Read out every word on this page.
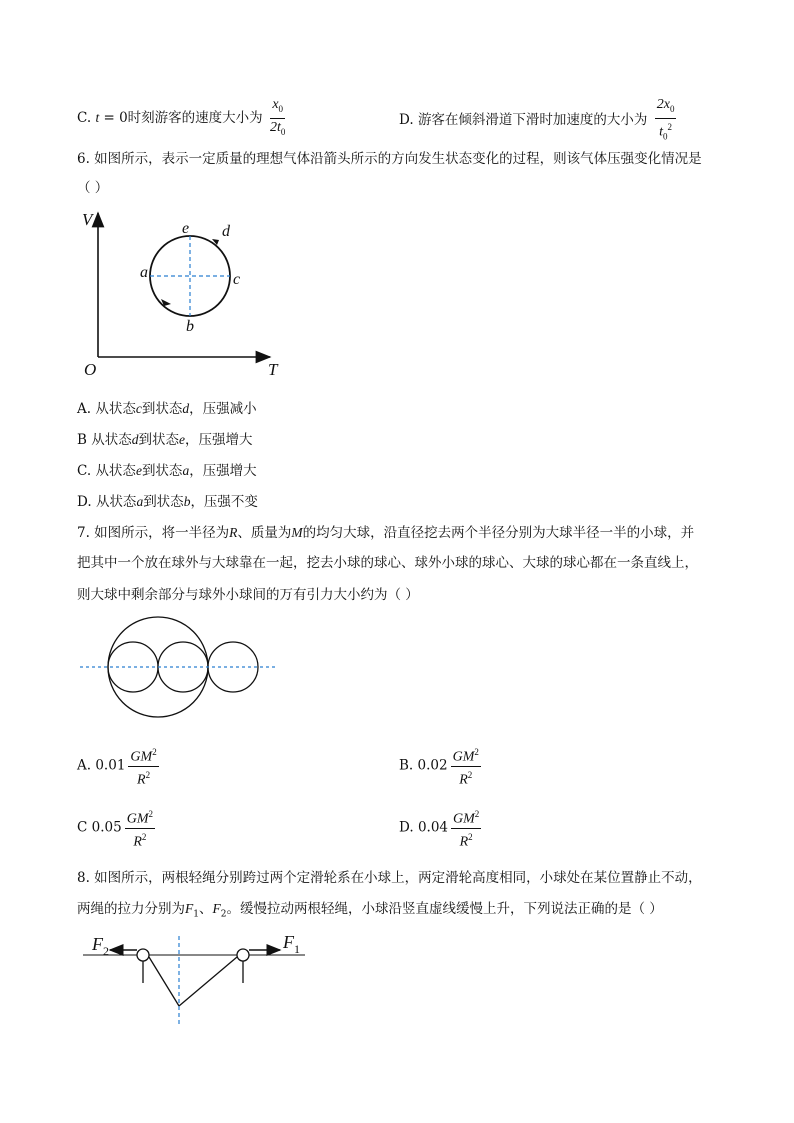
C. t = 0时刻游客的速度大小为 $\frac{x_0}{2t_0}$	D. 游客在倾斜滑道下滑时加速度的大小为 $\frac{2x_0}{t_0^2}$
6. 如图所示，表示一定质量的理想气体沿箭头所示的方向发生状态变化的过程，则该气体压强变化情况是
（ ）
V
T
O
e d
a	c
b
A. 从状态c到状态d，压强减小
B 从状态d到状态e，压强增大
C. 从状态e到状态a，压强增大
D. 从状态a到状态b，压强不变
7. 如图所示，将一半径为R、质量为M的均匀大球，沿直径挖去两个半径分别为大球半径一半的小球，并
把其中一个放在球外与大球靠在一起，挖去小球的球心、球外小球的球心、大球的球心都在一条直线上，
则大球中剩余部分与球外小球间的万有引力大小约为（ ）
A. $0.01 \frac{GM^2}{R^2}$	B. $0.02 \frac{GM^2}{R^2}$
C $0.05 \frac{GM^2}{R^2}$	D. $0.04 \frac{GM^2}{R^2}$
8. 如图所示，两根轻绳分别跨过两个定滑轮系在小球上，两定滑轮高度相同，小球处在某位置静止不动，
两绳的拉力分别为$F_1$、$F_2$。缓慢拉动两根轻绳，小球沿竖直虚线缓慢上升，下列说法正确的是（ ）
$F_2$	$F_1$
